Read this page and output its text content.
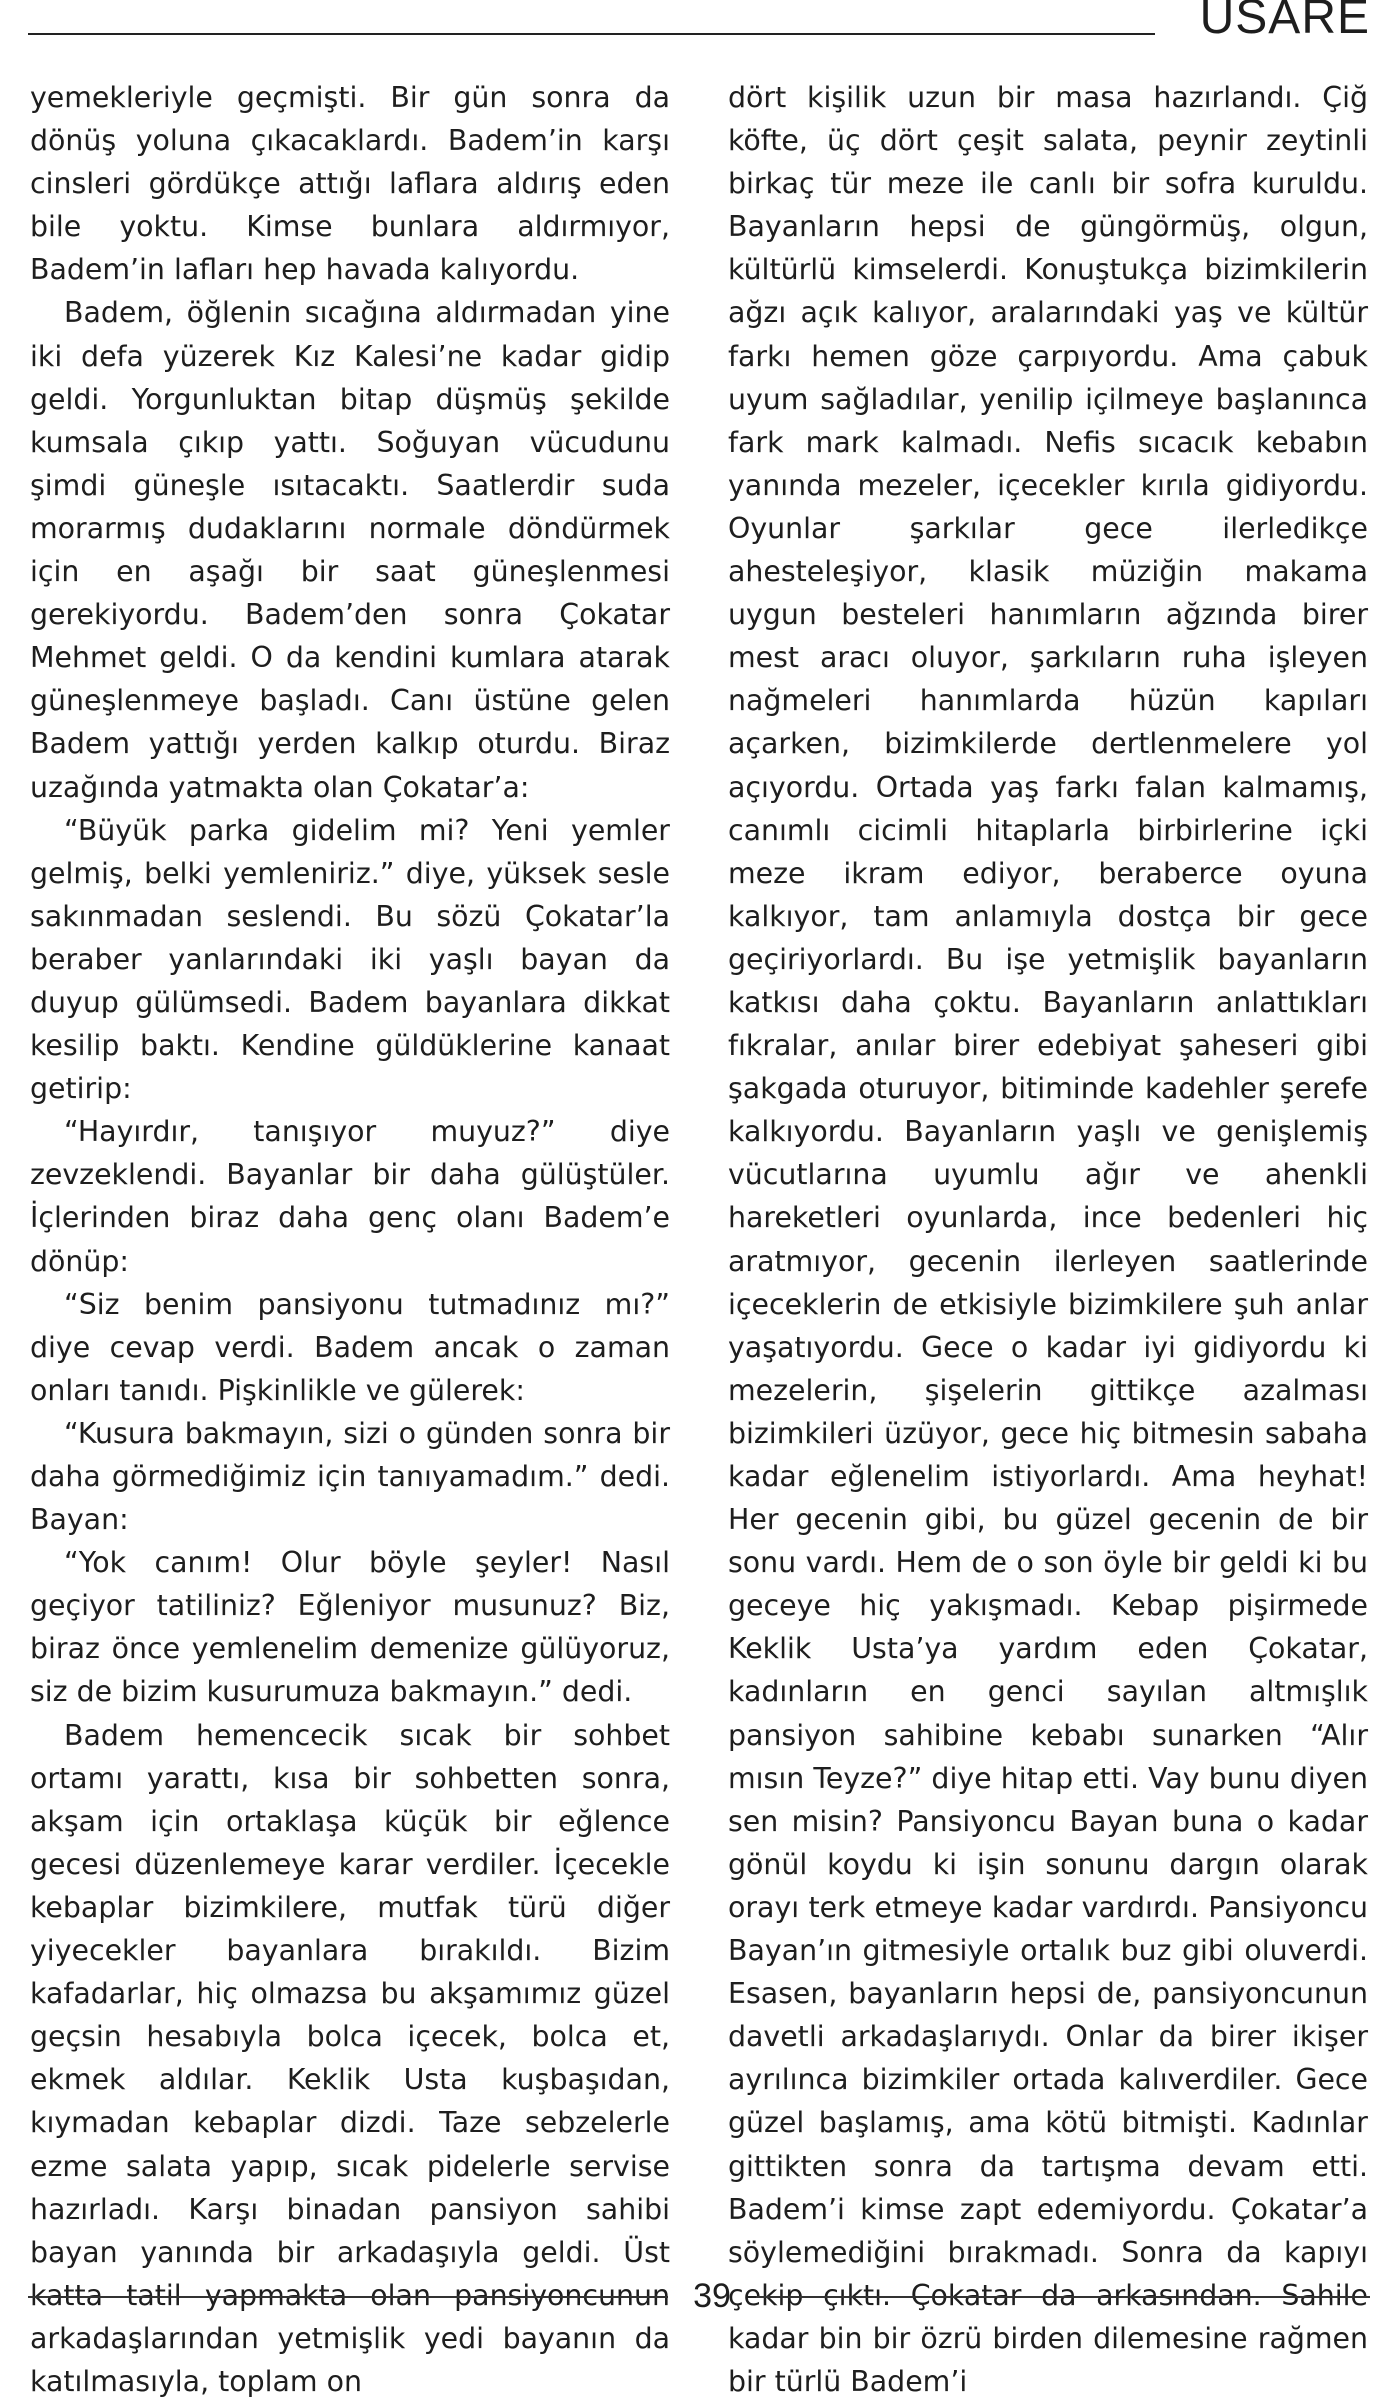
USARE

yemekleriyle geçmişti. Bir gün sonra da dönüş yoluna çıkacaklardı. Badem’in karşı cinsleri gördükçe attığı laflara aldırış eden bile yoktu. Kimse bunlara aldırmıyor, Badem’in lafları hep havada kalıyordu.

Badem, öğlenin sıcağına aldırmadan yine iki defa yüzerek Kız Kalesi’ne kadar gidip geldi. Yorgunluktan bitap düşmüş şekilde kumsala çıkıp yattı. Soğuyan vücudunu şimdi güneşle ısıtacaktı. Saatlerdir suda morarmış dudaklarını normale döndürmek için en aşağı bir saat güneşlenmesi gerekiyordu. Badem’den sonra Çokatar Mehmet geldi. O da kendini kumlara atarak güneşlenmeye başladı. Canı üstüne gelen Badem yattığı yerden kalkıp oturdu. Biraz uzağında yatmakta olan Çokatar’a:

“Büyük parka gidelim mi? Yeni yemler gelmiş, belki yemleniriz.” diye, yüksek sesle sakınmadan seslendi. Bu sözü Çokatar’la beraber yanlarındaki iki yaşlı bayan da duyup gülümsedi. Badem bayanlara dikkat kesilip baktı. Kendine güldüklerine kanaat getirip:

“Hayırdır, tanışıyor muyuz?” diye zevzeklendi. Bayanlar bir daha gülüştüler. İçlerinden biraz daha genç olanı Badem’e dönüp:

“Siz benim pansiyonu tutmadınız mı?” diye cevap verdi. Badem ancak o zaman onları tanıdı. Pişkinlikle ve gülerek:

“Kusura bakmayın, sizi o günden sonra bir daha görmediğimiz için tanıyamadım.” dedi. Bayan:

“Yok canım! Olur böyle şeyler! Nasıl geçiyor tatiliniz? Eğleniyor musunuz? Biz, biraz önce yemlenelim demenize gülüyoruz, siz de bizim kusurumuza bakmayın.” dedi.

Badem hemencecik sıcak bir sohbet ortamı yarattı, kısa bir sohbetten sonra, akşam için ortaklaşa küçük bir eğlence gecesi düzenlemeye karar verdiler. İçecekle kebaplar bizimkilere, mutfak türü diğer yiyecekler bayanlara bırakıldı. Bizim kafadarlar, hiç olmazsa bu akşamımız güzel geçsin hesabıyla bolca içecek, bolca et, ekmek aldılar. Keklik Usta kuşbaşıdan, kıymadan kebaplar dizdi. Taze sebzelerle ezme salata yapıp, sıcak pidelerle servise hazırladı. Karşı binadan pansiyon sahibi bayan yanında bir arkadaşıyla geldi. Üst katta tatil yapmakta olan pansiyoncunun arkadaşlarından yetmişlik yedi bayanın da katılmasıyla, toplam on

dört kişilik uzun bir masa hazırlandı. Çiğ köfte, üç dört çeşit salata, peynir zeytinli birkaç tür meze ile canlı bir sofra kuruldu. Bayanların hepsi de güngörmüş, olgun, kültürlü kimselerdi. Konuştukça bizimkilerin ağzı açık kalıyor, aralarındaki yaş ve kültür farkı hemen göze çarpıyordu. Ama çabuk uyum sağladılar, yenilip içilmeye başlanınca fark mark kalmadı. Nefis sıcacık kebabın yanında mezeler, içecekler kırıla gidiyordu. Oyunlar şarkılar gece ilerledikçe ahesteleşiyor, klasik müziğin makama uygun besteleri hanımların ağzında birer mest aracı oluyor, şarkıların ruha işleyen nağmeleri hanımlarda hüzün kapıları açarken, bizimkilerde dertlenmelere yol açıyordu. Ortada yaş farkı falan kalmamış, canımlı cicimli hitaplarla birbirlerine içki meze ikram ediyor, beraberce oyuna kalkıyor, tam anlamıyla dostça bir gece geçiriyorlardı. Bu işe yetmişlik bayanların katkısı daha çoktu. Bayanların anlattıkları fıkralar, anılar birer edebiyat şaheseri gibi şakgada oturuyor, bitiminde kadehler şerefe kalkıyordu. Bayanların yaşlı ve genişlemiş vücutlarına uyumlu ağır ve ahenkli hareketleri oyunlarda, ince bedenleri hiç aratmıyor, gecenin ilerleyen saatlerinde içeceklerin de etkisiyle bizimkilere şuh anlar yaşatıyordu. Gece o kadar iyi gidiyordu ki mezelerin, şişelerin gittikçe azalması bizimkileri üzüyor, gece hiç bitmesin sabaha kadar eğlenelim istiyorlardı. Ama heyhat! Her gecenin gibi, bu güzel gecenin de bir sonu vardı. Hem de o son öyle bir geldi ki bu geceye hiç yakışmadı. Kebap pişirmede Keklik Usta’ya yardım eden Çokatar, kadınların en genci sayılan altmışlık pansiyon sahibine kebabı sunarken “Alır mısın Teyze?” diye hitap etti. Vay bunu diyen sen misin? Pansiyoncu Bayan buna o kadar gönül koydu ki işin sonunu dargın olarak orayı terk etmeye kadar vardırdı. Pansiyoncu Bayan’ın gitmesiyle ortalık buz gibi oluverdi. Esasen, bayanların hepsi de, pansiyoncunun davetli arkadaşlarıydı. Onlar da birer ikişer ayrılınca bizimkiler ortada kalıverdiler. Gece güzel başlamış, ama kötü bitmişti. Kadınlar gittikten sonra da tartışma devam etti. Badem’i kimse zapt edemiyordu. Çokatar’a söylemediğini bırakmadı. Sonra da kapıyı çekip çıktı. Çokatar da arkasından. Sahile kadar bin bir özrü birden dilemesine rağmen bir türlü Badem’i

39
